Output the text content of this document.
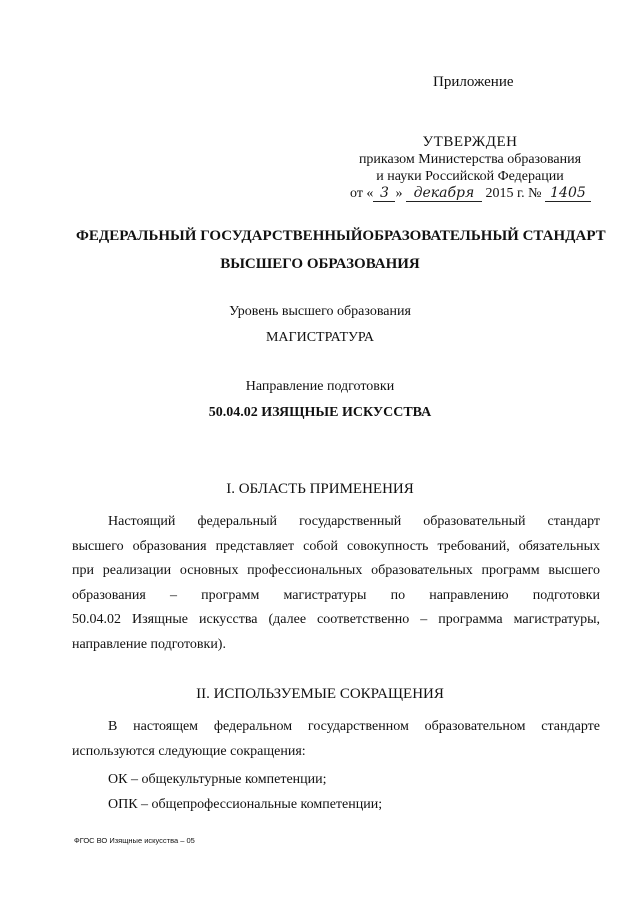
Приложение
УТВЕРЖДЕН
приказом Министерства образования
и науки Российской Федерации
от « 3 » декабря 2015 г. № 1405
ФЕДЕРАЛЬНЫЙ ГОСУДАРСТВЕННЫЙОБРАЗОВАТЕЛЬНЫЙ СТАНДАРТ
ВЫСШЕГО ОБРАЗОВАНИЯ
Уровень высшего образования
МАГИСТРАТУРА
Направление подготовки
50.04.02 ИЗЯЩНЫЕ ИСКУССТВА
I. ОБЛАСТЬ ПРИМЕНЕНИЯ

Настоящий федеральный государственный образовательный стандарт

высшего образования представляет собой совокупность требований, обязательных

при реализации основных профессиональных образовательных программ высшего

образования – программ магистратуры по направлению подготовки

50.04.02 Изящные искусства (далее соответственно – программа магистратуры,

направление подготовки).

II. ИСПОЛЬЗУЕМЫЕ СОКРАЩЕНИЯ

В настоящем федеральном государственном образовательном стандарте

используются следующие сокращения:

ОК – общекультурные компетенции;
ОПК – общепрофессиональные компетенции;
ФГОС ВО Изящные искусства – 05
